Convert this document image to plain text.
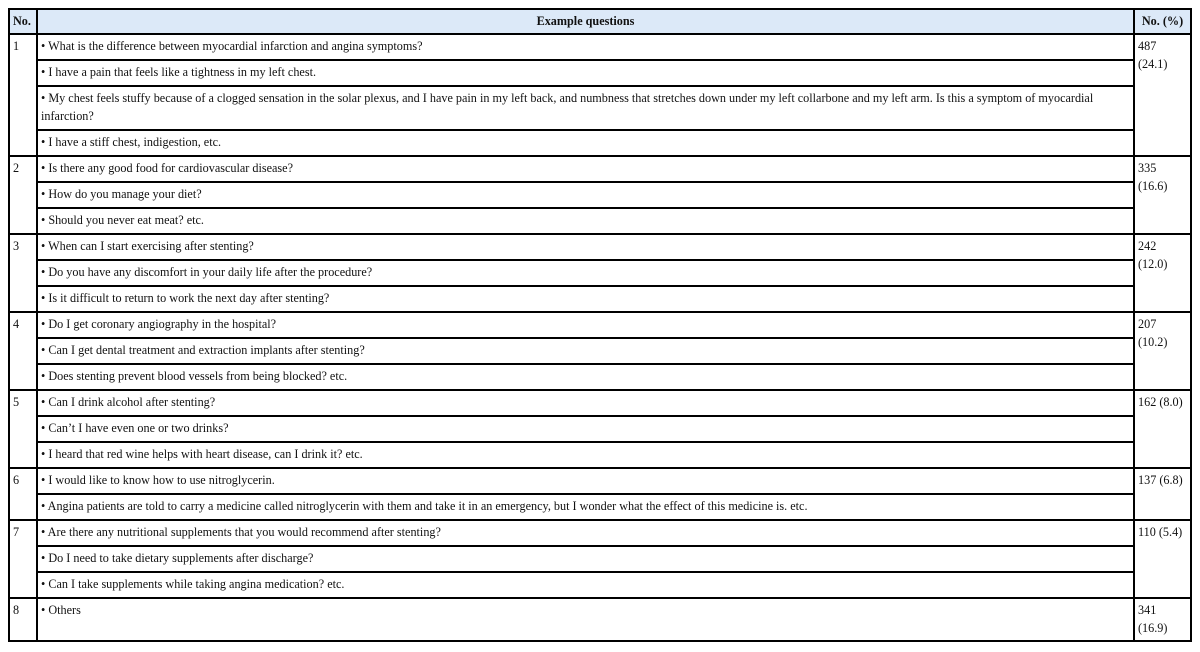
No.	Example questions	No. (%)
1	• What is the difference between myocardial infarction and angina symptoms?	487 (24.1)
	• I have a pain that feels like a tightness in my left chest.	
	• My chest feels stuffy because of a clogged sensation in the solar plexus, and I have pain in my left back, and numbness that stretches down under my left collarbone and my left arm. Is this a symptom of myocardial infarction?	
	• I have a stiff chest, indigestion, etc.	
2	• Is there any good food for cardiovascular disease?	335 (16.6)
	• How do you manage your diet?	
	• Should you never eat meat? etc.	
3	• When can I start exercising after stenting?	242 (12.0)
	• Do you have any discomfort in your daily life after the procedure?	
	• Is it difficult to return to work the next day after stenting?	
4	• Do I get coronary angiography in the hospital?	207 (10.2)
	• Can I get dental treatment and extraction implants after stenting?	
	• Does stenting prevent blood vessels from being blocked? etc.	
5	• Can I drink alcohol after stenting?	162 (8.0)
	• Can’t I have even one or two drinks?	
	• I heard that red wine helps with heart disease, can I drink it? etc.	
6	• I would like to know how to use nitroglycerin.	137 (6.8)
	• Angina patients are told to carry a medicine called nitroglycerin with them and take it in an emergency, but I wonder what the effect of this medicine is. etc.	
7	• Are there any nutritional supplements that you would recommend after stenting?	110 (5.4)
	• Do I need to take dietary supplements after discharge?	
	• Can I take supplements while taking angina medication? etc.	
8	• Others	341 (16.9)
